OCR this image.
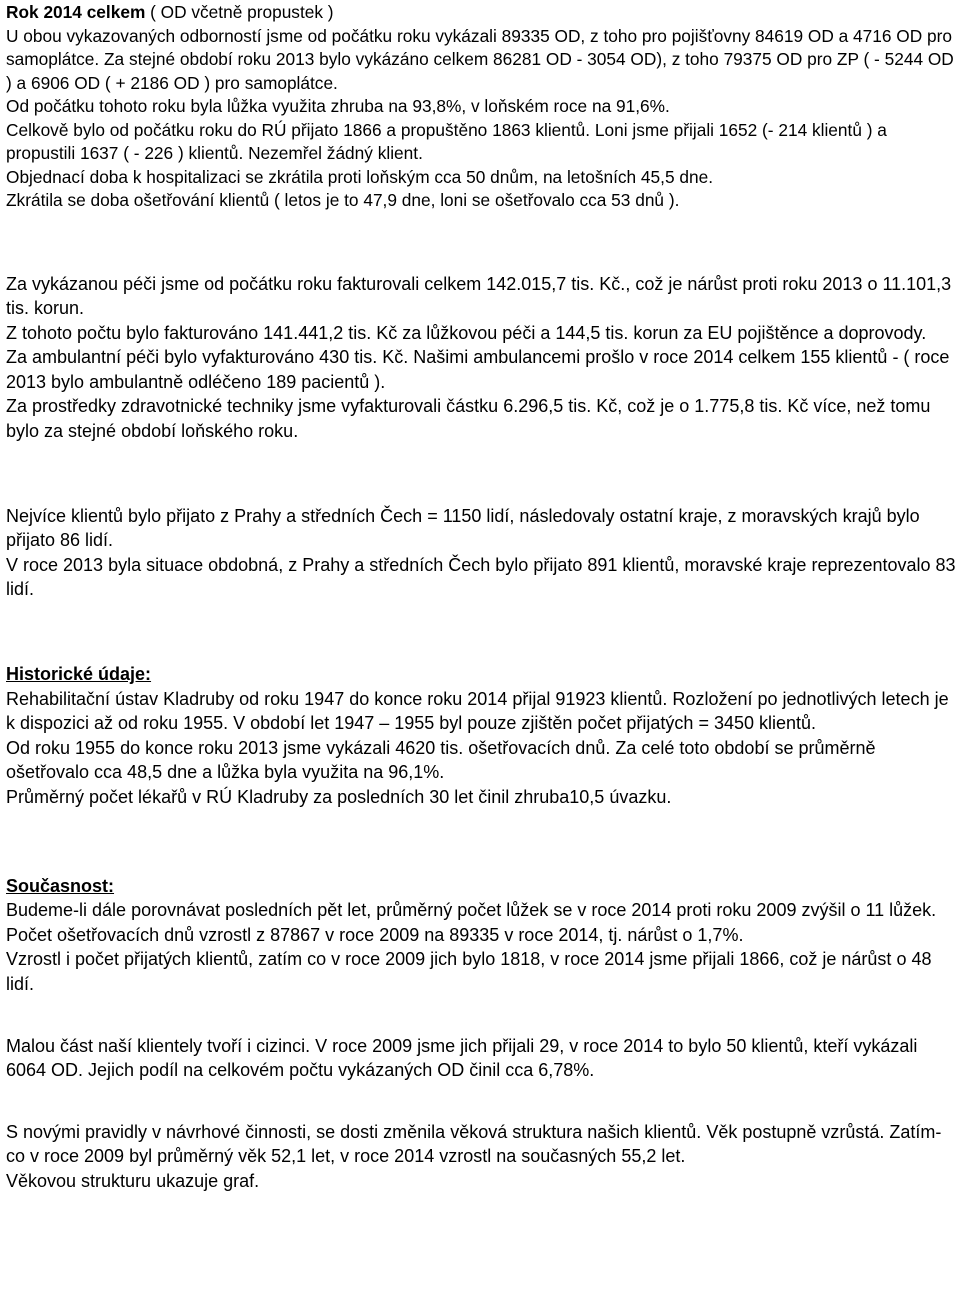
Rok 2014 celkem ( OD včetně propustek )

U obou vykazovaných odborností jsme od počátku roku vykázali 89335 OD, z toho pro pojišťovny 84619 OD a 4716 OD pro samoplátce. Za stejné období roku 2013 bylo vykázáno celkem 86281 OD - 3054 OD), z toho 79375 OD pro ZP ( - 5244 OD ) a 6906 OD ( + 2186 OD ) pro samoplátce.

Od počátku tohoto roku byla lůžka využita zhruba na 93,8%, v loňském roce na 91,6%.

Celkově bylo od počátku roku do RÚ přijato 1866 a propuštěno 1863 klientů. Loni jsme přijali 1652 (- 214 klientů ) a propustili 1637 ( - 226 ) klientů. Nezemřel žádný klient.

Objednací doba k hospitalizaci se zkrátila proti loňským cca 50 dnům, na letošních 45,5 dne.

Zkrátila se doba ošetřování klientů ( letos je to 47,9 dne, loni se ošetřovalo cca 53 dnů ).

Za vykázanou péči jsme od počátku roku fakturovali celkem 142.015,7 tis. Kč., což je nárůst proti roku 2013 o 11.101,3 tis. korun.

Z tohoto počtu bylo fakturováno 141.441,2 tis. Kč za lůžkovou péči a 144,5 tis. korun za EU pojištěnce a doprovody.

Za ambulantní péči bylo vyfakturováno 430 tis. Kč. Našimi ambulancemi prošlo v roce 2014 celkem 155 klientů - ( roce 2013 bylo ambulantně odléčeno 189 pacientů ).

Za prostředky zdravotnické techniky jsme vyfakturovali částku 6.296,5 tis. Kč, což je o 1.775,8 tis. Kč více, než tomu bylo za stejné období loňského roku.

Nejvíce klientů bylo přijato z Prahy a středních Čech = 1150 lidí, následovaly ostatní kraje, z moravských krajů bylo přijato 86 lidí.

V roce 2013 byla situace obdobná, z Prahy a středních Čech bylo přijato 891 klientů, moravské kraje reprezentovalo 83 lidí.

Historické údaje:

Rehabilitační ústav Kladruby od roku 1947 do konce roku 2014 přijal 91923 klientů. Rozložení po jednotlivých letech je k dispozici až od roku 1955. V období let 1947 – 1955 byl pouze zjištěn počet přijatých = 3450 klientů.

Od roku 1955 do konce roku 2013 jsme vykázali 4620 tis. ošetřovacích dnů. Za celé toto období se průměrně ošetřovalo cca 48,5 dne a lůžka byla využita na 96,1%.

Průměrný počet lékařů v RÚ Kladruby za posledních 30 let činil zhruba10,5 úvazku.

Současnost:

Budeme-li dále porovnávat posledních pět let, průměrný počet lůžek se v roce 2014 proti roku 2009 zvýšil o 11 lůžek.

Počet ošetřovacích dnů vzrostl z 87867 v roce 2009 na 89335 v roce 2014, tj. nárůst o 1,7%.

Vzrostl i počet přijatých klientů, zatím co v roce 2009 jich bylo 1818, v roce 2014 jsme přijali 1866, což je nárůst o 48 lidí.

Malou část naší klientely tvoří i cizinci. V roce 2009 jsme jich přijali 29, v roce 2014 to bylo 50 klientů, kteří vykázali 6064 OD. Jejich podíl na celkovém počtu vykázaných OD činil cca 6,78%.

S novými pravidly v návrhové činnosti, se dosti změnila věková struktura našich klientů. Věk postupně vzrůstá. Zatím-co v roce 2009 byl průměrný věk 52,1 let, v roce 2014 vzrostl na současných 55,2 let.

Věkovou strukturu ukazuje graf.
